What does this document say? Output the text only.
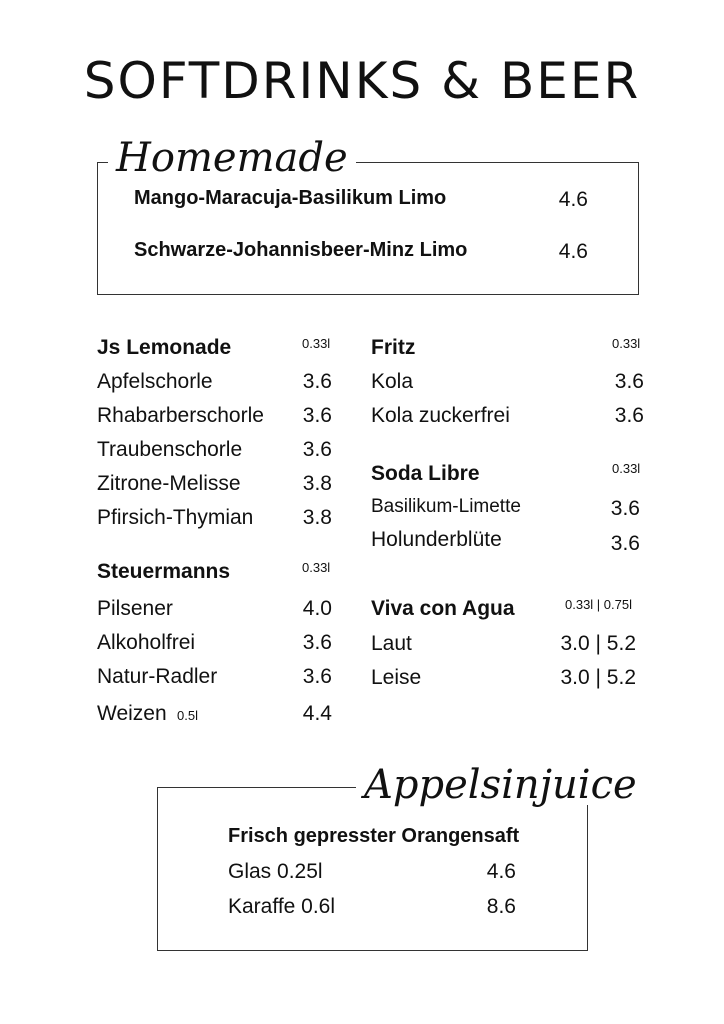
SOFTDRINKS & BEER
Homemade
Mango-Maracuja-Basilikum Limo	4.6
Schwarze-Johannisbeer-Minz Limo	4.6
Js Lemonade	0.33l
Apfelschorle	3.6
Rhabarberschorle	3.6
Traubenschorle	3.6
Zitrone-Melisse	3.8
Pfirsich-Thymian	3.8
Steuermanns	0.33l
Pilsener	4.0
Alkoholfrei	3.6
Natur-Radler	3.6
Weizen 0.5l	4.4
Fritz	0.33l
Kola	3.6
Kola zuckerfrei	3.6
Soda Libre	0.33l
Basilikum-Limette	3.6
Holunderblüte	3.6
Viva con Agua	0.33l | 0.75l
Laut	3.0 | 5.2
Leise	3.0 | 5.2
Appelsinjuice
Frisch gepresster Orangensaft
Glas 0.25l	4.6
Karaffe 0.6l	8.6
